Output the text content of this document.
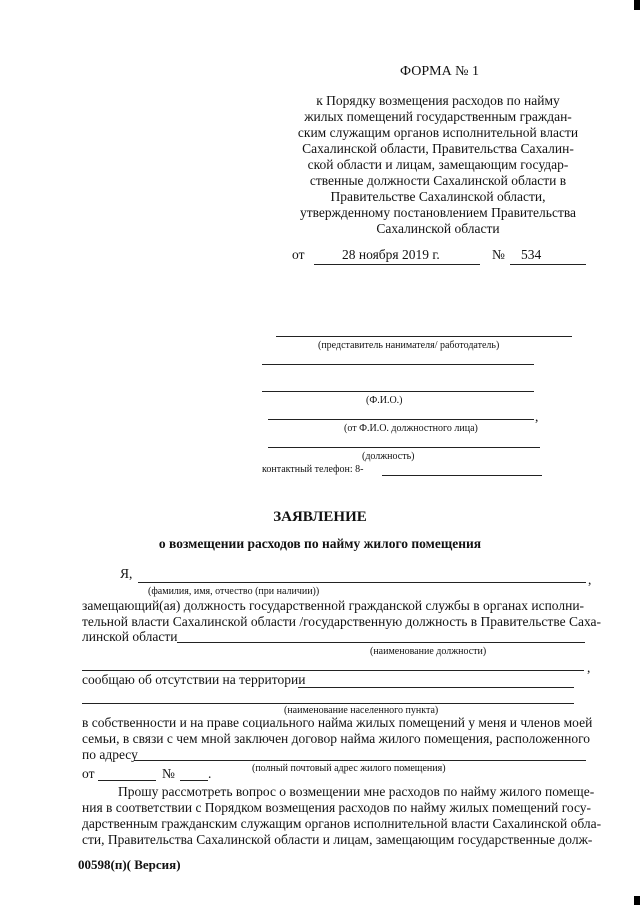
ФОРМА № 1
к Порядку возмещения расходов по найму
жилых помещений государственным граждан-
ским служащим органов исполнительной власти
Сахалинской области, Правительства Сахалин-
ской области и лицам, замещающим государ-
ственные должности Сахалинской области в
Правительстве Сахалинской области,
утвержденному постановлением Правительства
Сахалинской области
от	28 ноября 2019 г.	№ 534
(представитель нанимателя/ работодатель)
(Ф.И.О.)
,
(от Ф.И.О. должностного лица)
(должность)
контактный телефон: 8-
ЗАЯВЛЕНИЕ
о возмещении расходов по найму жилого помещения
Я,	,
(фамилия, имя, отчество (при наличии))
замещающий(ая) должность государственной гражданской службы в органах исполни-
тельной власти Сахалинской области /государственную должность в Правительстве Саха-
линской области
(наименование должности)
,
сообщаю об отсутствии на территории
(наименование населенного пункта)
в собственности и на праве социального найма жилых помещений у меня и членов моей
семьи, в связи с чем мной заключен договор найма жилого помещения, расположенного
по адресу
(полный почтовый адрес жилого помещения)
от	№ .
Прошу рассмотреть вопрос о возмещении мне расходов по найму жилого помеще-
ния в соответствии с Порядком возмещения расходов по найму жилых помещений госу-
дарственным гражданским служащим органов исполнительной власти Сахалинской обла-
сти, Правительства Сахалинской области и лицам, замещающим государственные долж-
00598(п)( Версия)
